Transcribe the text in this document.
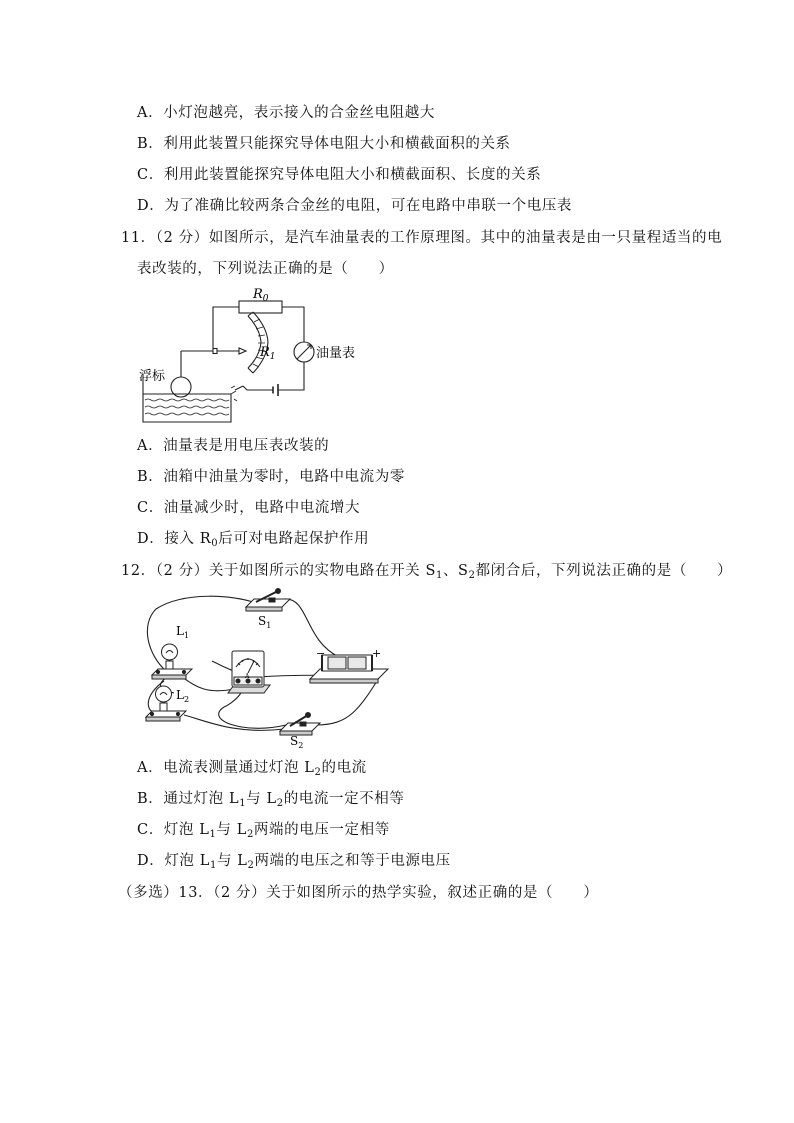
A．小灯泡越亮，表示接入的合金丝电阻越大
B．利用此装置只能探究导体电阻大小和横截面积的关系
C．利用此装置能探究导体电阻大小和横截面积、长度的关系
D．为了准确比较两条合金丝的电阻，可在电路中串联一个电压表
11．（2 分）如图所示，是汽车油量表的工作原理图。其中的油量表是由一只量程适当的电
表改装的，下列说法正确的是（　　）
$R_0$
$R_1$	油量表
浮标
A．油量表是用电压表改装的
B．油箱中油量为零时，电路中电流为零
C．油量减少时，电路中电流增大
D．接入 $R_0$后可对电路起保护作用
12．（2 分）关于如图所示的实物电路在开关 $S_1$、$S_2$都闭合后，下列说法正确的是（　　）
A
−	+
$L_1$
$L_2$
$S_1$
$S_2$
A．电流表测量通过灯泡 $L_2$的电流
B．通过灯泡 $L_1$与 $L_2$的电流一定不相等
C．灯泡 $L_1$与 $L_2$两端的电压一定相等
D．灯泡 $L_1$与 $L_2$两端的电压之和等于电源电压
（多选）13．（2 分）关于如图所示的热学实验，叙述正确的是（　　）
